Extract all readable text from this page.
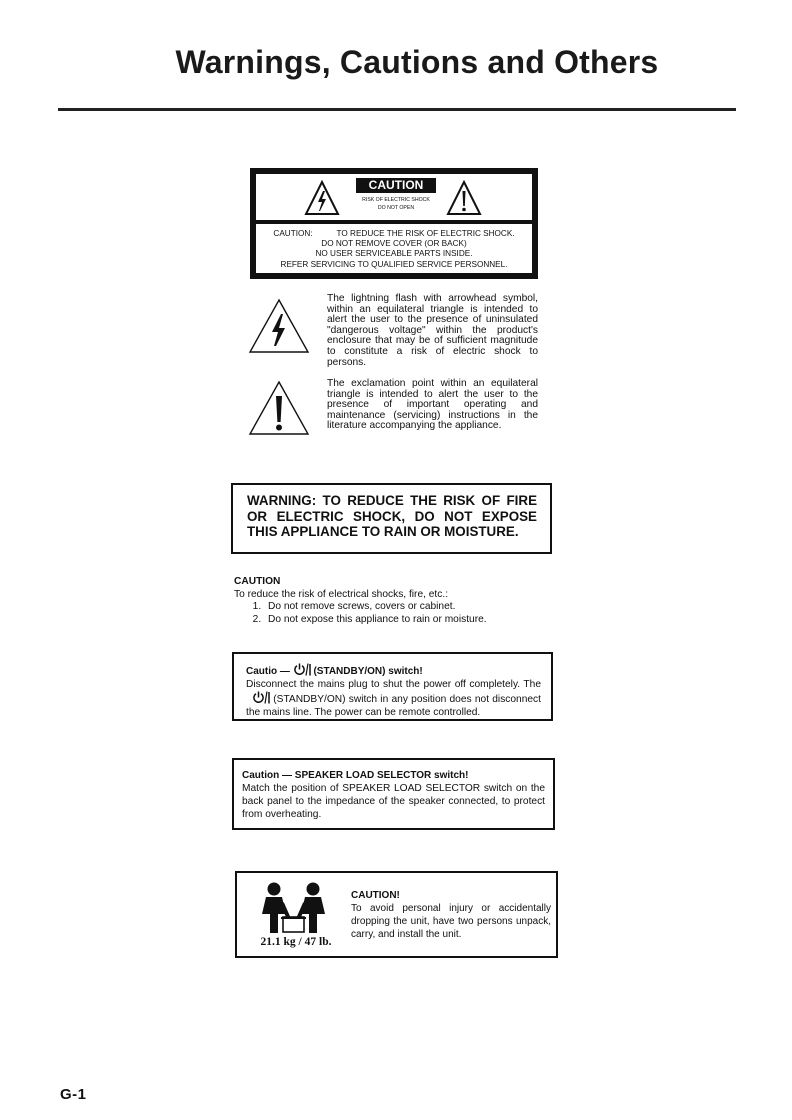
Warnings, Cautions and Others
CAUTION
RISK OF ELECTRIC SHOCK
DO NOT OPEN
CAUTION:	TO REDUCE THE RISK OF ELECTRIC SHOCK.
DO NOT REMOVE COVER (OR BACK)
NO USER SERVICEABLE PARTS INSIDE.
REFER SERVICING TO QUALIFIED SERVICE PERSONNEL.
The lightning flash with arrowhead symbol, within an equilateral triangle is intended to alert the user to the presence of uninsulated "dangerous voltage" within the product's enclosure that may be of sufficient magnitude to constitute a risk of electric shock to persons.
The exclamation point within an equilateral triangle is intended to alert the user to the presence of important operating and maintenance (servicing) instructions in the literature accompanying the appliance.
WARNING: TO REDUCE THE RISK OF FIRE OR ELECTRIC SHOCK, DO NOT EXPOSE THIS APPLIANCE TO RAIN OR MOISTURE.
CAUTION
To reduce the risk of electrical shocks, fire, etc.:
1. Do not remove screws, covers or cabinet.
2. Do not expose this appliance to rain or moisture.
Cautio — (STANDBY/ON) switch!
Disconnect the mains plug to shut the power off completely. The  (STANDBY/ON) switch in any position does not disconnect the mains line. The power can be remote controlled.
Caution — SPEAKER LOAD SELECTOR switch!
Match the position of SPEAKER LOAD SELECTOR switch on the back panel to the impedance of the speaker connected, to protect from overheating.
21.1 kg / 47 lb.
CAUTION!
To avoid personal injury or accidentally dropping the unit, have two persons unpack, carry, and install the unit.
G-1
